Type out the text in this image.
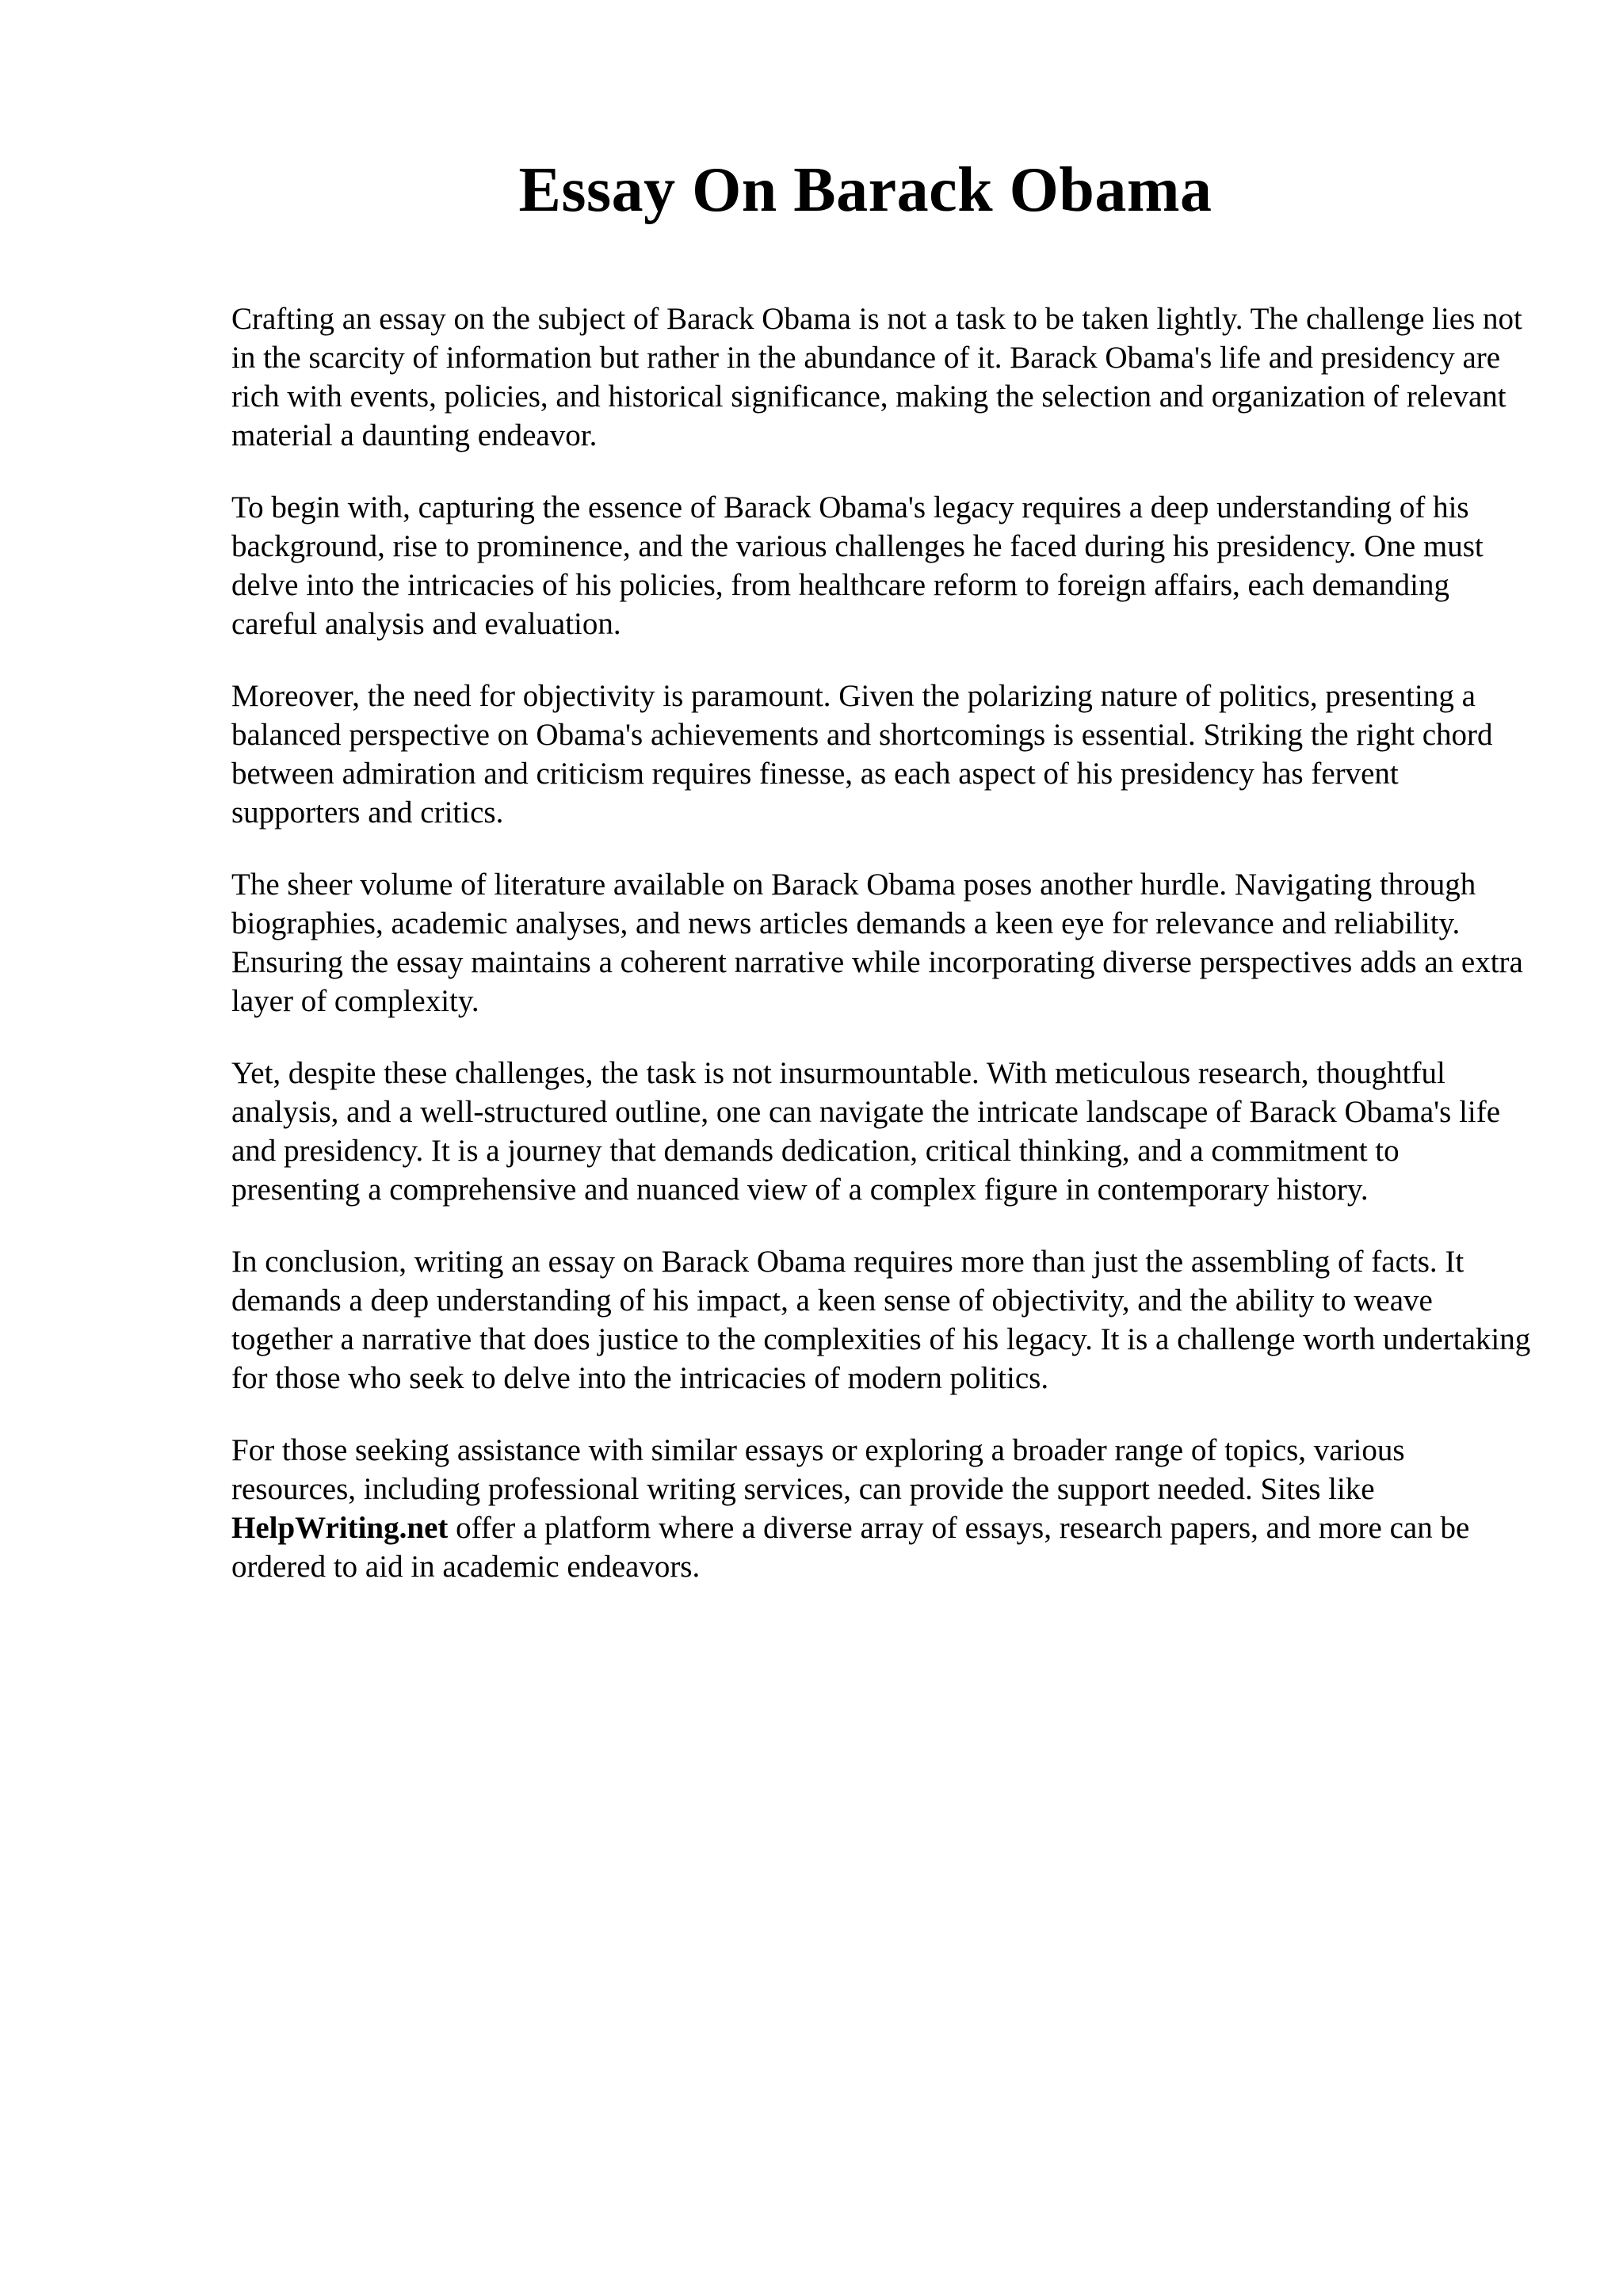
Essay On Barack Obama

Crafting an essay on the subject of Barack Obama is not a task to be taken lightly. The challenge lies not in the scarcity of information but rather in the abundance of it. Barack Obama's life and presidency are rich with events, policies, and historical significance, making the selection and organization of relevant material a daunting endeavor.

To begin with, capturing the essence of Barack Obama's legacy requires a deep understanding of his background, rise to prominence, and the various challenges he faced during his presidency. One must delve into the intricacies of his policies, from healthcare reform to foreign affairs, each demanding careful analysis and evaluation.

Moreover, the need for objectivity is paramount. Given the polarizing nature of politics, presenting a balanced perspective on Obama's achievements and shortcomings is essential. Striking the right chord between admiration and criticism requires finesse, as each aspect of his presidency has fervent supporters and critics.

The sheer volume of literature available on Barack Obama poses another hurdle. Navigating through biographies, academic analyses, and news articles demands a keen eye for relevance and reliability. Ensuring the essay maintains a coherent narrative while incorporating diverse perspectives adds an extra layer of complexity.

Yet, despite these challenges, the task is not insurmountable. With meticulous research, thoughtful analysis, and a well-structured outline, one can navigate the intricate landscape of Barack Obama's life and presidency. It is a journey that demands dedication, critical thinking, and a commitment to presenting a comprehensive and nuanced view of a complex figure in contemporary history.

In conclusion, writing an essay on Barack Obama requires more than just the assembling of facts. It demands a deep understanding of his impact, a keen sense of objectivity, and the ability to weave together a narrative that does justice to the complexities of his legacy. It is a challenge worth undertaking for those who seek to delve into the intricacies of modern politics.

For those seeking assistance with similar essays or exploring a broader range of topics, various resources, including professional writing services, can provide the support needed. Sites like HelpWriting.net offer a platform where a diverse array of essays, research papers, and more can be ordered to aid in academic endeavors.
